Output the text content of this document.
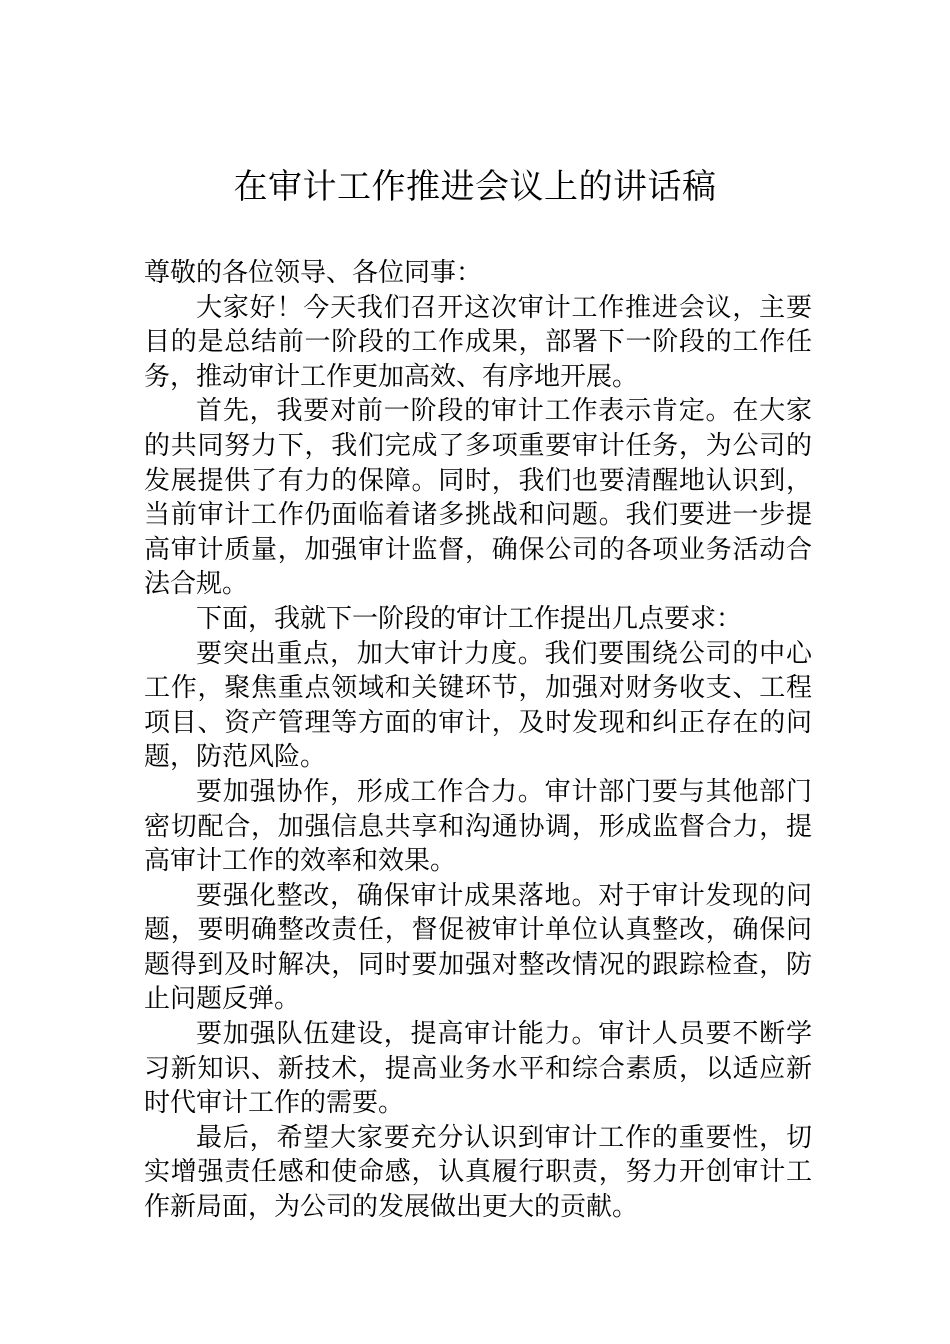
在审计工作推进会议上的讲话稿

尊敬的各位领导、各位同事：

大家好！今天我们召开这次审计工作推进会议，主要目的是总结前一阶段的工作成果，部署下一阶段的工作任务，推动审计工作更加高效、有序地开展。

首先，我要对前一阶段的审计工作表示肯定。在大家的共同努力下，我们完成了多项重要审计任务，为公司的发展提供了有力的保障。同时，我们也要清醒地认识到，当前审计工作仍面临着诸多挑战和问题。我们要进一步提高审计质量，加强审计监督，确保公司的各项业务活动合法合规。

下面，我就下一阶段的审计工作提出几点要求：

要突出重点，加大审计力度。我们要围绕公司的中心工作，聚焦重点领域和关键环节，加强对财务收支、工程项目、资产管理等方面的审计，及时发现和纠正存在的问题，防范风险。

要加强协作，形成工作合力。审计部门要与其他部门密切配合，加强信息共享和沟通协调，形成监督合力，提高审计工作的效率和效果。

要强化整改，确保审计成果落地。对于审计发现的问题，要明确整改责任，督促被审计单位认真整改，确保问题得到及时解决，同时要加强对整改情况的跟踪检查，防止问题反弹。

要加强队伍建设，提高审计能力。审计人员要不断学习新知识、新技术，提高业务水平和综合素质，以适应新时代审计工作的需要。

最后，希望大家要充分认识到审计工作的重要性，切实增强责任感和使命感，认真履行职责，努力开创审计工作新局面，为公司的发展做出更大的贡献。
